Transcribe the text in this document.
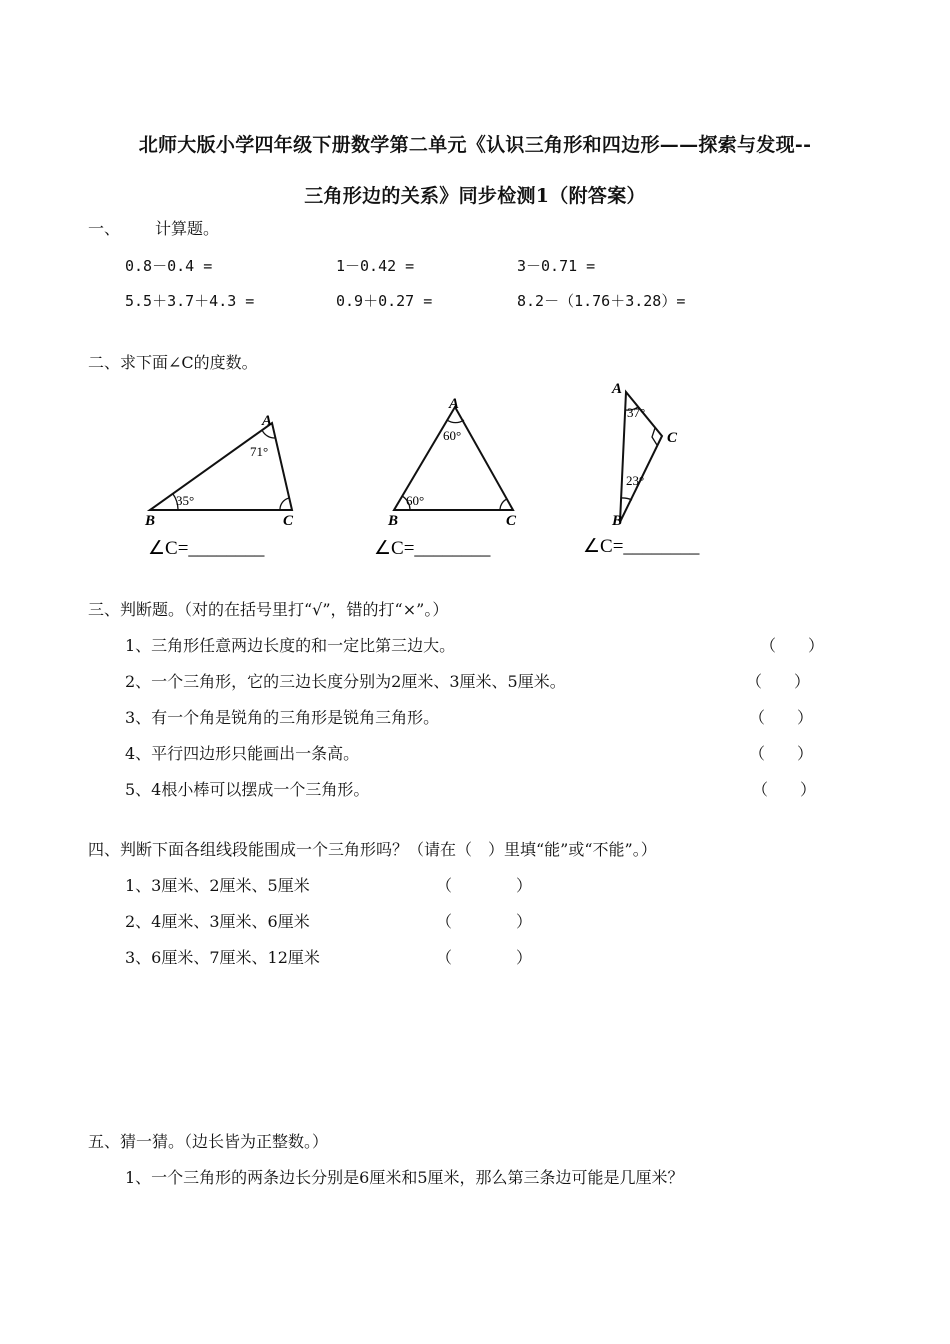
北师大版小学四年级下册数学第二单元《认识三角形和四边形——探索与发现--
三角形边的关系》同步检测1（附答案）
一、 计算题。
0.8－0.4 =	1－0.42 =	3－0.71 =
5.5＋3.7＋4.3 =	0.9＋0.27 =	8.2－（1.76＋3.28）=
二、求下面∠C的度数。
A
B	C
71°
35°
∠C=________
A
B	C
60°
60°
∠C=________
A
B
C
37°
23°
∠C=________
三、判断题。（对的在括号里打“√”，错的打“×”。）
1、三角形任意两边长度的和一定比第三边大。	（　　）
2、一个三角形，它的三边长度分别为2厘米、3厘米、5厘米。	（　　）
3、有一个角是锐角的三角形是锐角三角形。	（　　）
4、平行四边形只能画出一条高。	（　　）
5、4根小棒可以摆成一个三角形。	（　　）
四、判断下面各组线段能围成一个三角形吗？（请在（　）里填“能”或“不能”。）
1、3厘米、2厘米、5厘米	（　　　　）
2、4厘米、3厘米、6厘米	（　　　　）
3、6厘米、7厘米、12厘米	（　　　　）
五、猜一猜。（边长皆为正整数。）
1、一个三角形的两条边长分别是6厘米和5厘米，那么第三条边可能是几厘米？
